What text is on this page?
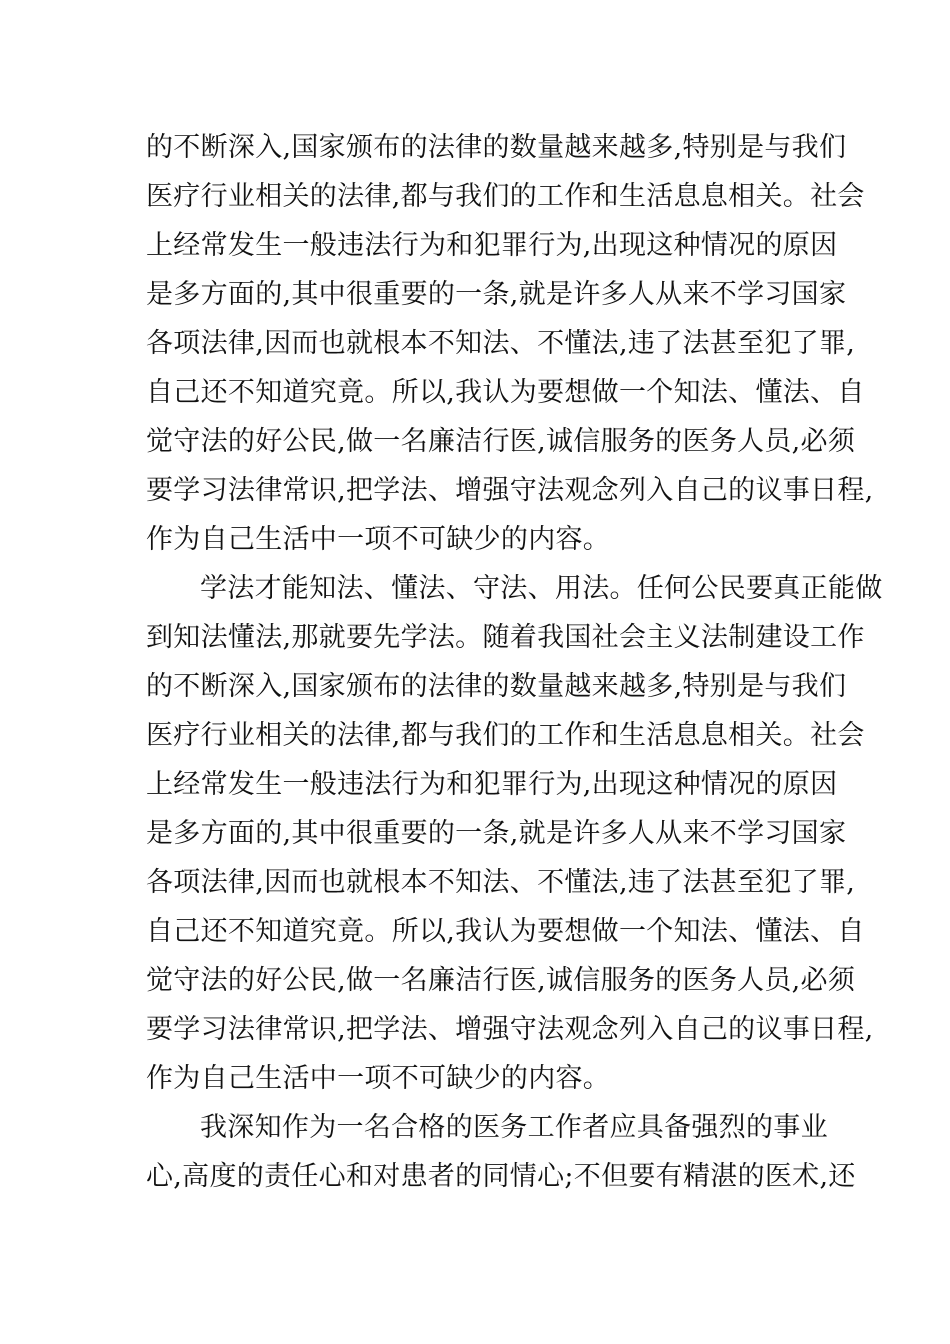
的不断深入,国家颁布的法律的数量越来越多,特别是与我们
医疗行业相关的法律,都与我们的工作和生活息息相关。社会
上经常发生一般违法行为和犯罪行为,出现这种情况的原因
是多方面的,其中很重要的一条,就是许多人从来不学习国家
各项法律,因而也就根本不知法、不懂法,违了法甚至犯了罪,
自己还不知道究竟。所以,我认为要想做一个知法、懂法、自
觉守法的好公民,做一名廉洁行医,诚信服务的医务人员,必须
要学习法律常识,把学法、增强守法观念列入自己的议事日程,
作为自己生活中一项不可缺少的内容。
学法才能知法、懂法、守法、用法。任何公民要真正能做
到知法懂法,那就要先学法。随着我国社会主义法制建设工作
的不断深入,国家颁布的法律的数量越来越多,特别是与我们
医疗行业相关的法律,都与我们的工作和生活息息相关。社会
上经常发生一般违法行为和犯罪行为,出现这种情况的原因
是多方面的,其中很重要的一条,就是许多人从来不学习国家
各项法律,因而也就根本不知法、不懂法,违了法甚至犯了罪,
自己还不知道究竟。所以,我认为要想做一个知法、懂法、自
觉守法的好公民,做一名廉洁行医,诚信服务的医务人员,必须
要学习法律常识,把学法、增强守法观念列入自己的议事日程,
作为自己生活中一项不可缺少的内容。
我深知作为一名合格的医务工作者应具备强烈的事业
心,高度的责任心和对患者的同情心;不但要有精湛的医术,还
